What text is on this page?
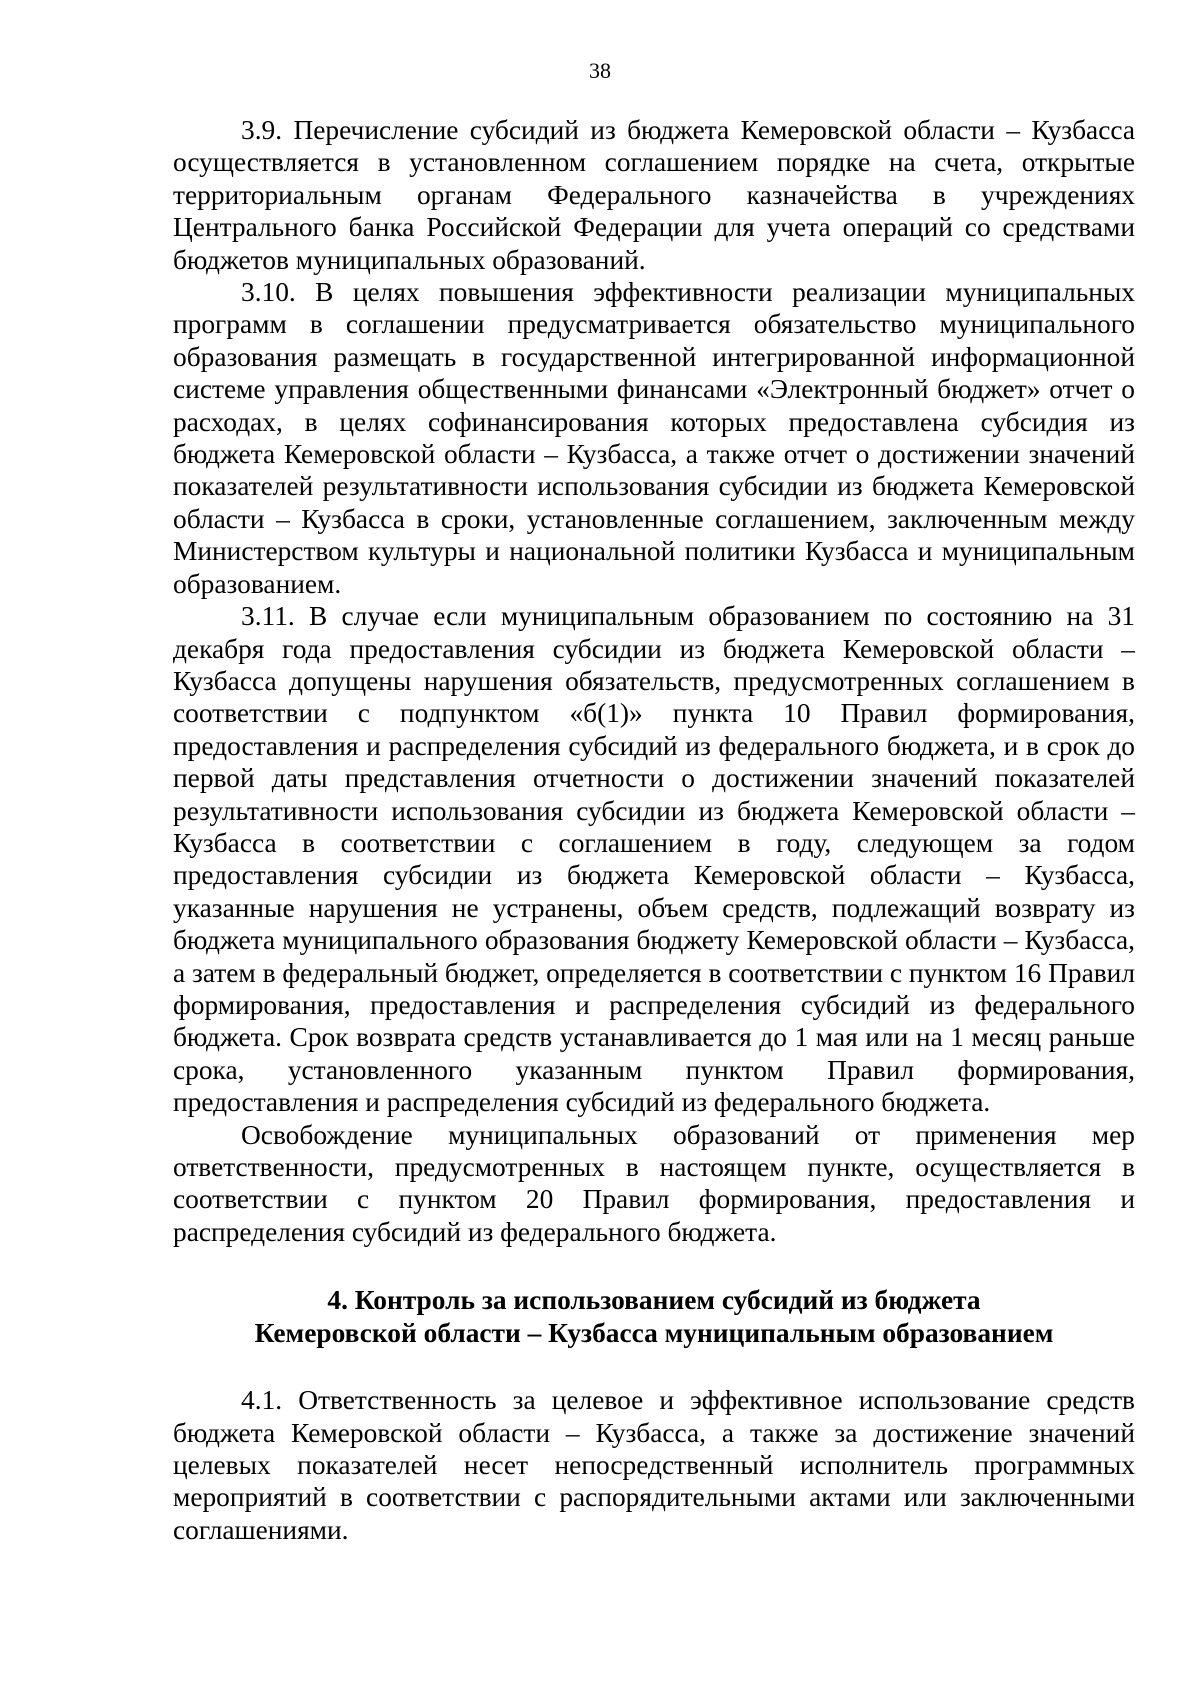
38

3.9. Перечисление субсидий из бюджета Кемеровской области – Кузбасса осуществляется в установленном соглашением порядке на счета, открытые территориальным органам Федерального казначейства в учреждениях Центрального банка Российской Федерации для учета операций со средствами бюджетов муниципальных образований.

3.10. В целях повышения эффективности реализации муниципальных программ в соглашении предусматривается обязательство муниципального образования размещать в государственной интегрированной информационной системе управления общественными финансами «Электронный бюджет» отчет о расходах, в целях софинансирования которых предоставлена субсидия из бюджета Кемеровской области – Кузбасса, а также отчет о достижении значений показателей результативности использования субсидии из бюджета Кемеровской области – Кузбасса в сроки, установленные соглашением, заключенным между Министерством культуры и национальной политики Кузбасса и муниципальным образованием.

3.11. В случае если муниципальным образованием по состоянию на 31 декабря года предоставления субсидии из бюджета Кемеровской области – Кузбасса допущены нарушения обязательств, предусмотренных соглашением в соответствии с подпунктом «б(1)» пункта 10 Правил формирования, предоставления и распределения субсидий из федерального бюджета, и в срок до первой даты представления отчетности о достижении значений показателей результативности использования субсидии из бюджета Кемеровской области – Кузбасса в соответствии с соглашением в году, следующем за годом предоставления субсидии из бюджета Кемеровской области – Кузбасса, указанные нарушения не устранены, объем средств, подлежащий возврату из бюджета муниципального образования бюджету Кемеровской области – Кузбасса, а затем в федеральный бюджет, определяется в соответствии с пунктом 16 Правил формирования, предоставления и распределения субсидий из федерального бюджета. Срок возврата средств устанавливается до 1 мая или на 1 месяц раньше срока, установленного указанным пунктом Правил формирования, предоставления и распределения субсидий из федерального бюджета.

Освобождение муниципальных образований от применения мер ответственности, предусмотренных в настоящем пункте, осуществляется в соответствии с пунктом 20 Правил формирования, предоставления и распределения субсидий из федерального бюджета.

4. Контроль за использованием субсидий из бюджета
Кемеровской области – Кузбасса муниципальным образованием

4.1. Ответственность за целевое и эффективное использование средств бюджета Кемеровской области – Кузбасса, а также за достижение значений целевых показателей несет непосредственный исполнитель программных мероприятий в соответствии с распорядительными актами или заключенными соглашениями.
